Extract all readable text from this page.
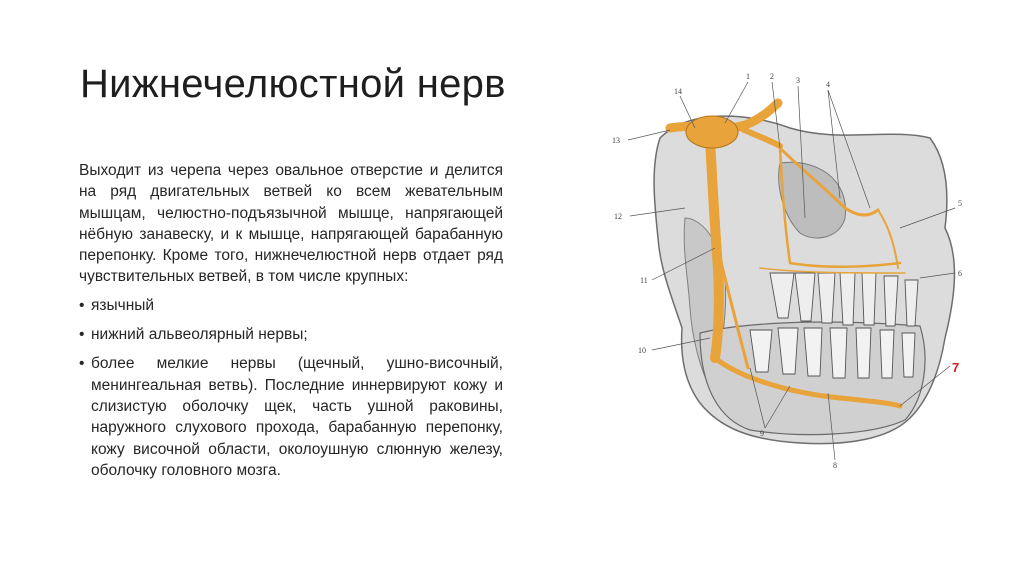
Нижнечелюстной нерв

Выходит из черепа через овальное отверстие и делится на ряд двигательных ветвей ко всем жевательным мышцам, челюстно-подъязычной мышце, напрягающей нёбную занавеску, и к мышце, напрягающей барабанную перепонку. Кроме того, нижнечелюстной нерв отдает ряд чувствительных ветвей, в том числе крупных:

• язычный
• нижний альвеолярный нервы;
• более мелкие нервы (щечный, ушно-височный, менингеальная ветвь). Последние иннервируют кожу и слизистую оболочку щек, часть ушной раковины, наружного слухового прохода, барабанную перепонку, кожу височной области, околоушную слюнную железу, оболочку головного мозга.
1	2	3	4
5
6
7
8
9
10
11
12
13
14
